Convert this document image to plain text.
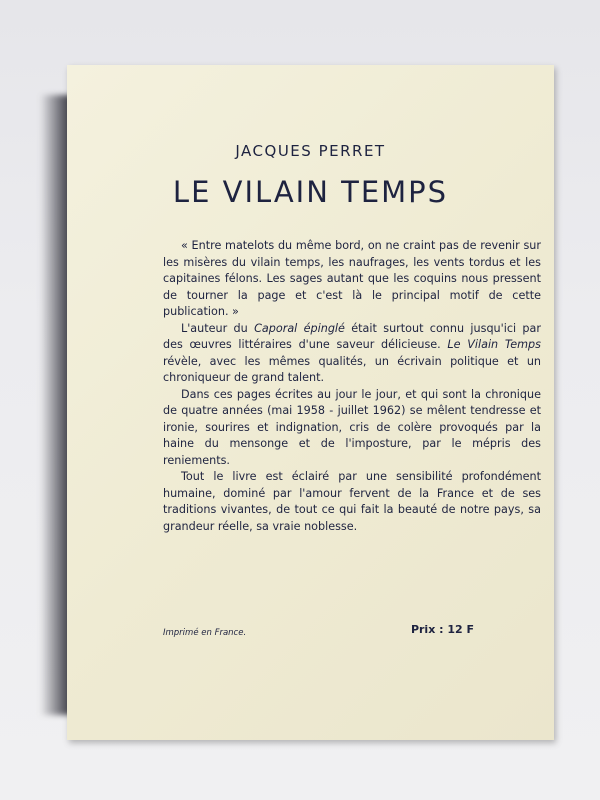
JACQUES PERRET
LE VILAIN TEMPS

« Entre matelots du même bord, on ne craint pas de revenir sur les misères du vilain temps, les naufrages, les vents tordus et les capitaines félons. Les sages autant que les coquins nous pressent de tourner la page et c'est là le principal motif de cette publication. »

L'auteur du Caporal épinglé était surtout connu jusqu'ici par des œuvres littéraires d'une saveur délicieuse. Le Vilain Temps révèle, avec les mêmes qualités, un écrivain politique et un chroniqueur de grand talent.

Dans ces pages écrites au jour le jour, et qui sont la chronique de quatre années (mai 1958 - juillet 1962) se mêlent tendresse et ironie, sourires et indignation, cris de colère provoqués par la haine du mensonge et de l'imposture, par le mépris des reniements.

Tout le livre est éclairé par une sensibilité profondément humaine, dominé par l'amour fervent de la France et de ses traditions vivantes, de tout ce qui fait la beauté de notre pays, sa grandeur réelle, sa vraie noblesse.

Imprimé en France.	Prix : 12 F
